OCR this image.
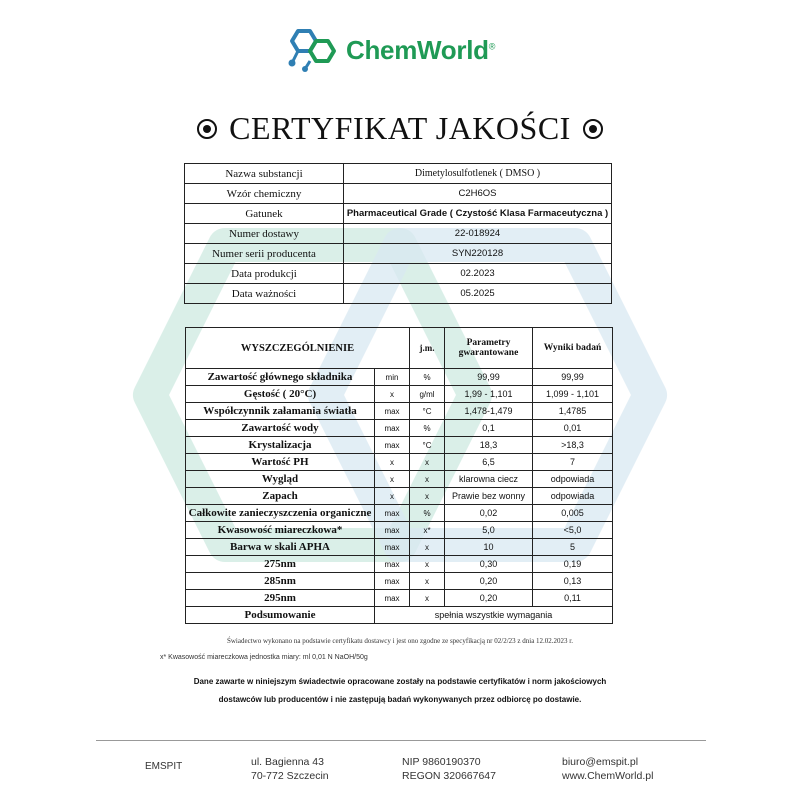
ChemWorld®
CERTYFIKAT JAKOŚCI
Nazwa substancji	Dimetylosulfotlenek ( DMSO )
Wzór chemiczny	C2H6OS
Gatunek	Pharmaceutical Grade ( Czystość Klasa Farmaceutyczna )
Numer dostawy	22-018924
Numer serii producenta	SYN220128
Data produkcji	02.2023
Data ważności	05.2025
WYSZCZEGÓLNIENIE		j.m.	Parametry gwarantowane	Wyniki badań
Zawartość głównego składnika	min	%	99,99	99,99
Gęstość ( 20°C)	x	g/ml	1,99 - 1,101	1,099 - 1,101
Współczynnik załamania światła	max	°C	1,478-1,479	1,4785
Zawartość wody	max	%	0,1	0,01
Krystalizacja	max	°C	18,3	>18,3
Wartość PH	x	x	6,5	7
Wygląd	x	x	klarowna ciecz	odpowiada
Zapach	x	x	Prawie bez wonny	odpowiada
Całkowite zanieczyszczenia organiczne	max	%	0,02	0,005
Kwasowość miareczkowa*	max	x*	5,0	<5,0
Barwa w skali APHA	max	x	10	5
275nm	max	x	0,30	0,19
285nm	max	x	0,20	0,13
295nm	max	x	0,20	0,11
Podsumowanie	spełnia wszystkie wymagania			
Świadectwo wykonano na podstawie certyfikatu dostawcy i jest ono zgodne ze specyfikacją nr 02/2/23 z dnia 12.02.2023 r.
x* Kwasowość miareczkowa jednostka miary: ml 0,01 N NaOH/50g
Dane zawarte w niniejszym świadectwie opracowane zostały na podstawie certyfikatów i norm jakościowych dostawców lub producentów i nie zastępują badań wykonywanych przez odbiorcę po dostawie.
EMSPIT	ul. Bagienna 43
70-772 Szczecin
NIP 9860190370
REGON 320667647
biuro@emspit.pl
www.ChemWorld.pl
